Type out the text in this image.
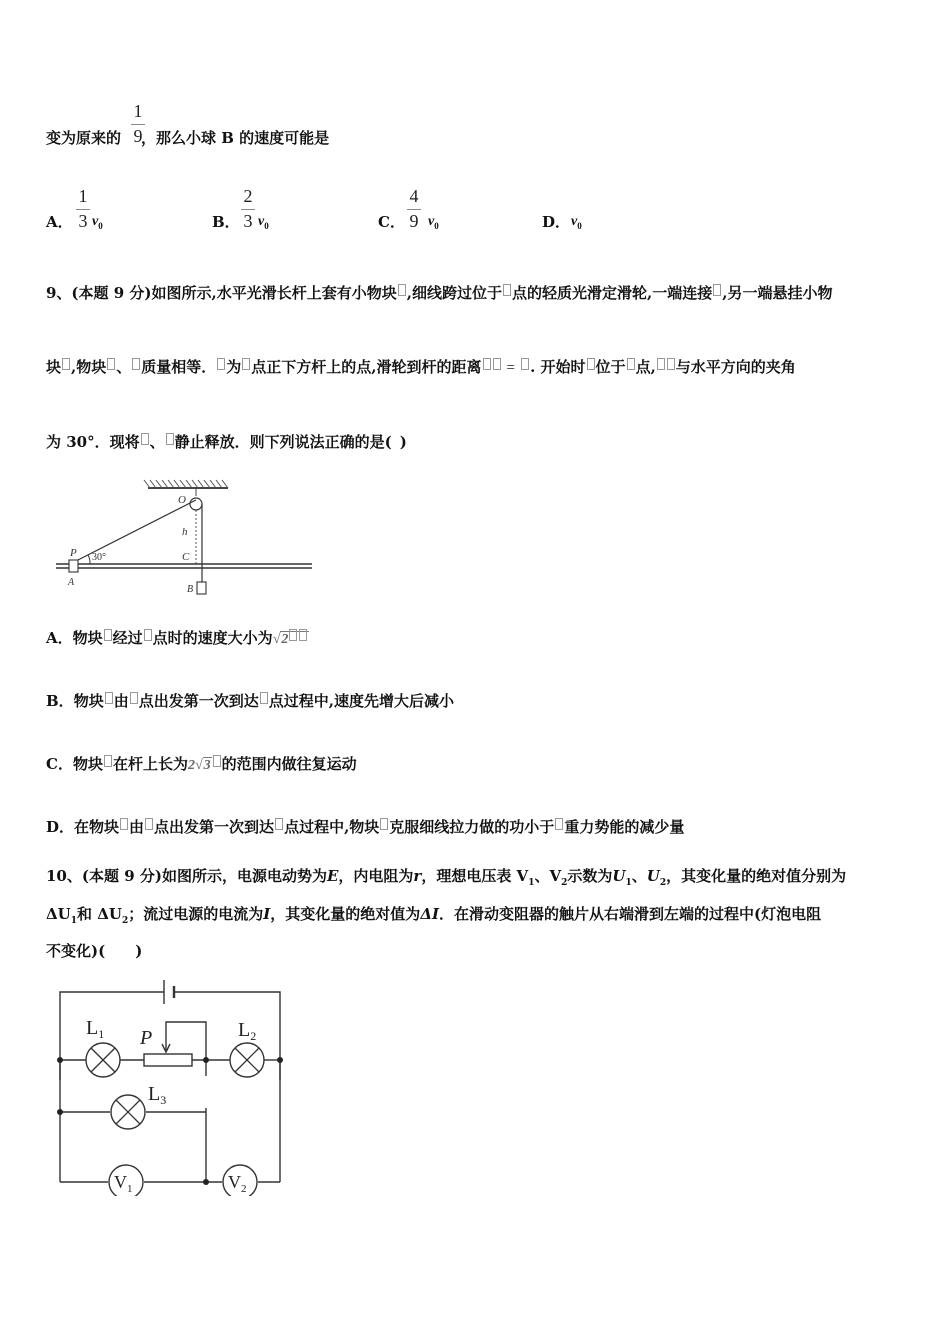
变为原来的 ，那么小球 B 的速度可能是
1
9
A．
1
3 $v_0$	B．
2
3 $v_0$	C．
4
9 $v_0$	D． $v_0$
9、(本题 9 分)如图所示,水平光滑长杆上套有小物块 ,细线跨过位于 点的轻质光滑定滑轮,一端连接 ,另一端悬挂小物
块 ,物块 、 质量相等． 为 点正下方杆上的点,滑轮到杆的距离 = . 开始时 位于 点, 与水平方向的夹角
为 30°．现将 、 静止释放．则下列说法正确的是( )
O
h
C
P
A
B
30°
A．物块 经过 点时的速度大小为√2
B．物块 由 点出发第一次到达 点过程中,速度先增大后减小
C．物块 在杆上长为2√3 的范围内做往复运动
D．在物块 由 点出发第一次到达 点过程中,物块 克服细线拉力做的功小于 重力势能的减少量
10、(本题 9 分)如图所示，电源电动势为E，内电阻为r，理想电压表 $V_1$、$V_2$示数为$U_1$、$U_2$，其变化量的绝对值分别为
$\Delta U_1$和 $\Delta U_2$；流过电源的电流为I，其变化量的绝对值为ΔI．在滑动变阻器的触片从右端滑到左端的过程中(灯泡电阻
不变化)(　　)
$L_1$	$L_2$
$L_3$
P
$V_1$	$V_2$
